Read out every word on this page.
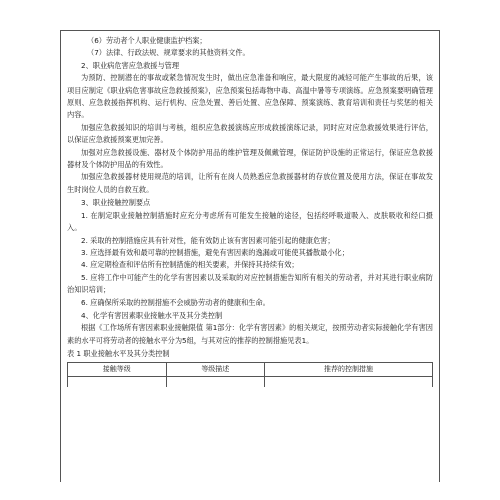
（6）劳动者个人职业健康监护档案；

（7）法律、行政法规、规章要求的其他资料文件。

2、职业病危害应急救援与管理

为预防、控制潜在的事故或紧急情况发生时，做出应急准备和响应，最大限度的减轻可能产生事故的后果，该项目应制定《职业病危害事故应急救援预案》，应急预案包括毒物中毒、高温中暑等专项演练。应急预案要明确管理原则、应急救援指挥机构、运行机构、应急处置、善后处置、应急保障、预案演练、教育培训和责任与奖惩的相关内容。

加强应急救援知识的培训与考核，组织应急救援演练应形成救援演练记录，同时应对应急救援效果进行评估，以保证应急救援预案更加完善。

加强对应急救援设施、器材及个体防护用品的维护管理及佩戴管理，保证防护设施的正常运行，保证应急救援器材及个体防护用品的有效性。

加强应急救援器材使用规范的培训，让所有在岗人员熟悉应急救援器材的存放位置及使用方法，保证在事故发生时岗位人员的自救互救。

3、职业接触控制要点

1. 在制定职业接触控制措施时应充分考虑所有可能发生接触的途径，包括经呼吸道吸入、皮肤吸收和经口摄入。

2. 采取的控制措施应具有针对性，能有效防止该有害因素可能引起的健康危害；

3. 应选择最有效和最可靠的控制措施，避免有害因素的逸漏或可能使其播散最小化；

4. 应定期检查和评估所有控制措施的相关要素，并保持其持续有效；

5. 应将工作中可能产生的化学有害因素以及采取的对应控制措施告知所有相关的劳动者，并对其进行职业病防治知识培训；

6. 应确保所采取的控制措施不会威胁劳动者的健康和生命。

4、化学有害因素职业接触水平及其分类控制

根据《工作场所有害因素职业接触限值 第1部分：化学有害因素》的相关规定，按照劳动者实际接触化学有害因素的水平可将劳动者的接触水平分为5组，与其对应的推荐的控制措施见表1。

表 1 职业接触水平及其分类控制

接触等级	等级描述	推荐的控制措施
